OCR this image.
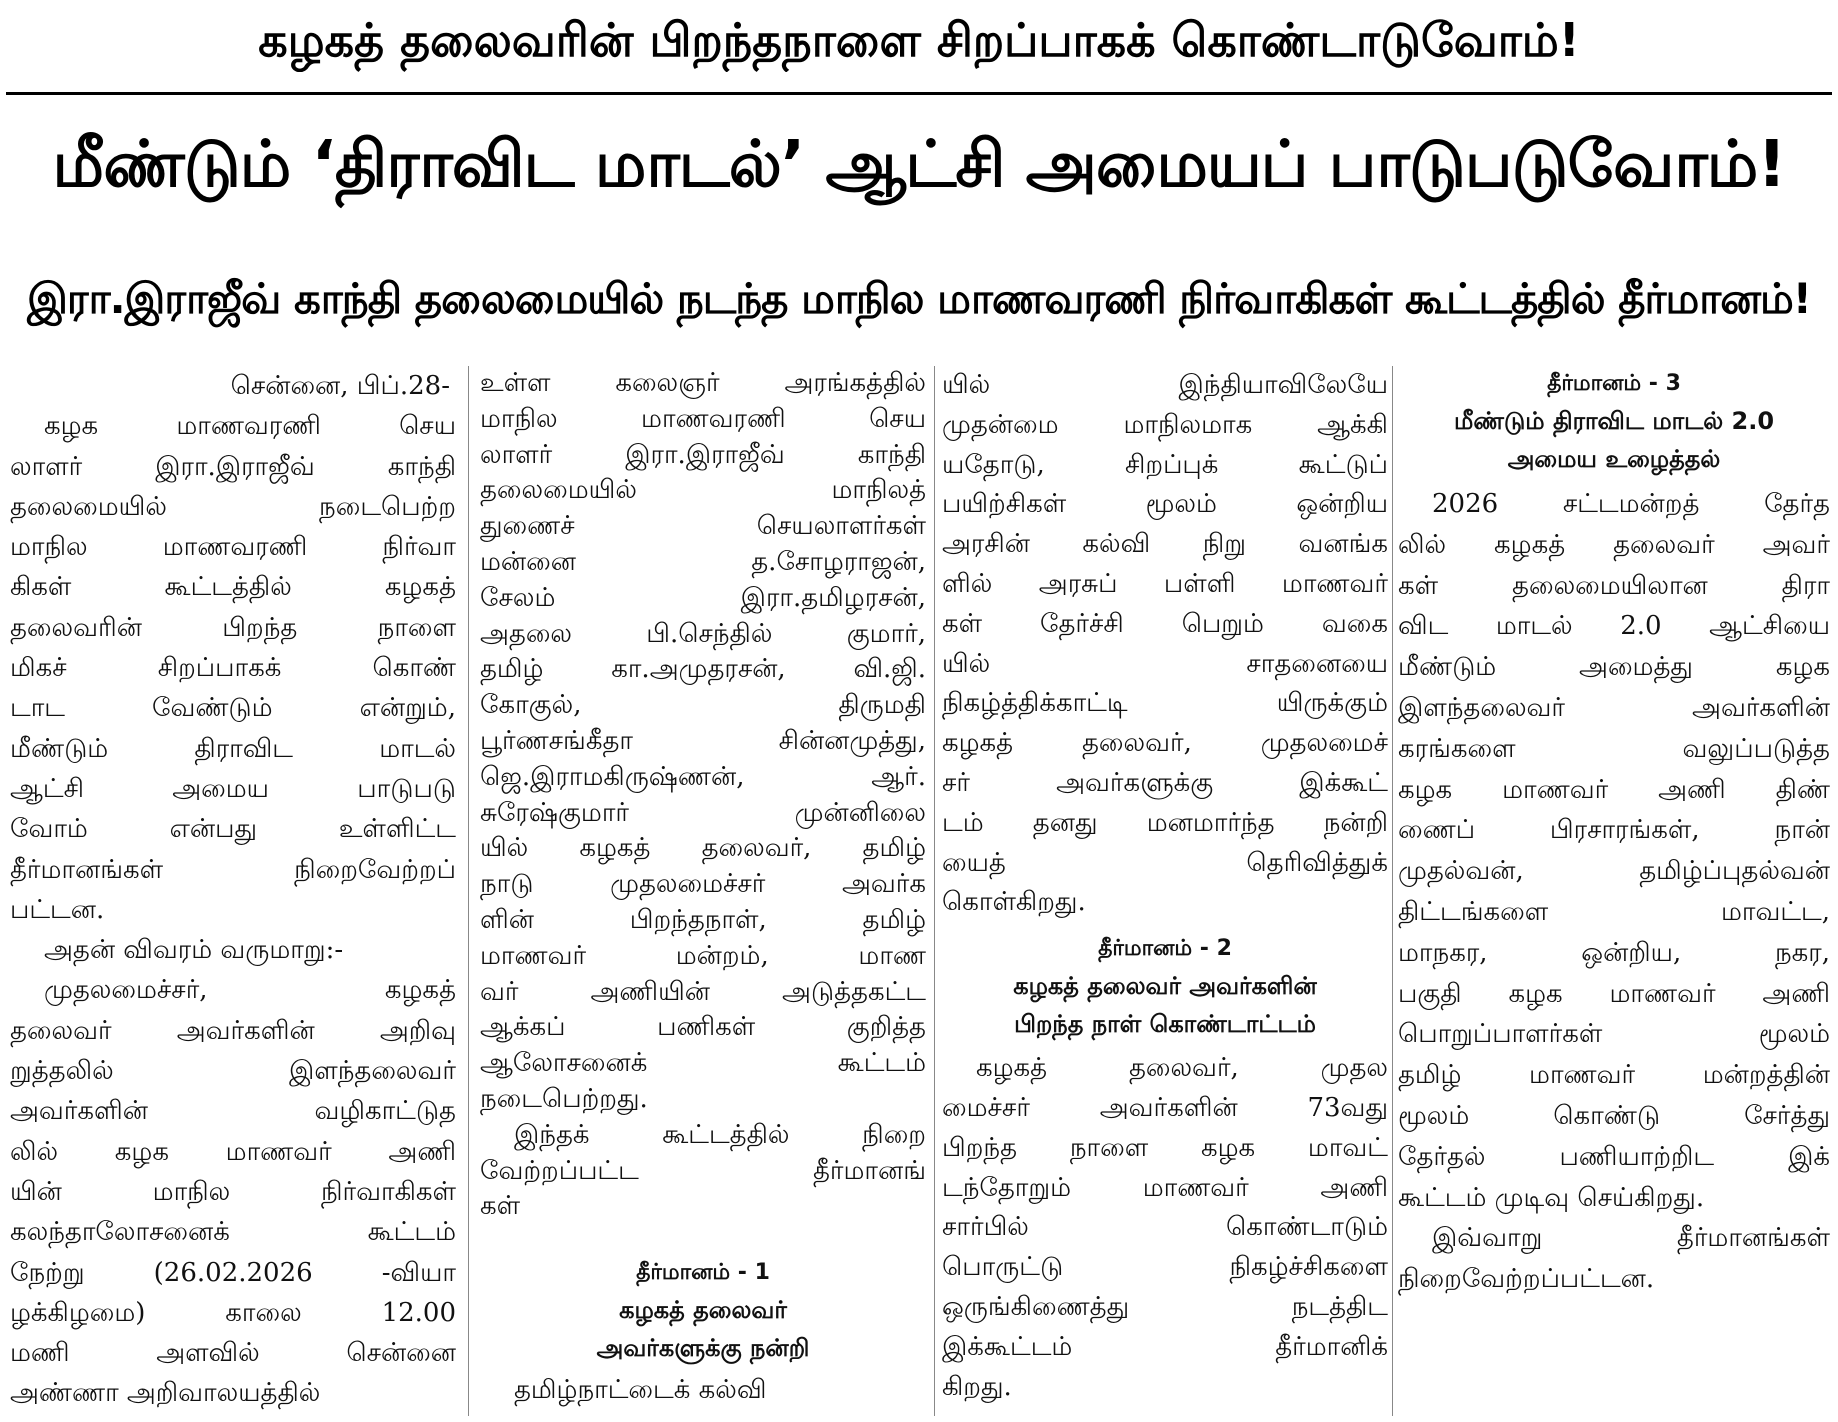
கழகத் தலைவரின் பிறந்தநாளை சிறப்பாகக் கொண்டாடுவோம்!
மீண்டும் ‘திராவிட மாடல்’ ஆட்சி அமையப் பாடுபடுவோம்!
இரா.இராஜீவ் காந்தி தலைமையில் நடந்த மாநில மாணவரணி நிர்வாகிகள் கூட்டத்தில் தீர்மானம்!

சென்னை, பிப்.28-

கழக மாணவரணி செய
லாளர் இரா.இராஜீவ் காந்தி
தலைமையில் நடைபெற்ற
மாநில மாணவரணி நிர்வா
கிகள் கூட்டத்தில் கழகத்
தலைவரின் பிறந்த நாளை
மிகச் சிறப்பாகக் கொண்
டாட வேண்டும் என்றும்,
மீண்டும் திராவிட மாடல்
ஆட்சி அமைய பாடுபடு
வோம் என்பது உள்ளிட்ட
தீர்மானங்கள் நிறைவேற்றப்
பட்டன.
அதன் விவரம் வருமாறு:-
முதலமைச்சர், கழகத்
தலைவர் அவர்களின் அறிவு
றுத்தலில் இளந்தலைவர்
அவர்களின் வழிகாட்டுத
லில் கழக மாணவர் அணி
யின் மாநில நிர்வாகிகள்
கலந்தாலோசனைக் கூட்டம்
நேற்று (26.02.2026 -வியா
ழக்கிழமை) காலை 12.00
மணி அளவில் சென்னை
அண்ணா அறிவாலயத்தில்
உள்ள கலைஞர் அரங்கத்தில்
மாநில மாணவரணி செய
லாளர் இரா.இராஜீவ் காந்தி
தலைமையில் மாநிலத்
துணைச் செயலாளர்கள்
மன்னை த.சோழராஜன்,
சேலம் இரா.தமிழரசன்,
அதலை பி.செந்தில் குமார்,
தமிழ் கா.அமுதரசன், வி.ஜி.
கோகுல், திருமதி
பூர்ணசங்கீதா சின்னமுத்து,
ஜெ.இராமகிருஷ்ணன், ஆர்.
சுரேஷ்குமார் முன்னிலை
யில் கழகத் தலைவர், தமிழ்
நாடு முதலமைச்சர் அவர்க
ளின் பிறந்தநாள், தமிழ்
மாணவர் மன்றம், மாண
வர் அணியின் அடுத்தகட்ட
ஆக்கப் பணிகள் குறித்த
ஆலோசனைக் கூட்டம்
நடைபெற்றது.
இந்தக் கூட்டத்தில் நிறை
வேற்றப்பட்ட தீர்மானங்
கள்
தீர்மானம் - 1
கழகத் தலைவர்
அவர்களுக்கு நன்றி
தமிழ்நாட்டைக் கல்வி
யில் இந்தியாவிலேயே
முதன்மை மாநிலமாக ஆக்கி
யதோடு, சிறப்புக் கூட்டுப்
பயிற்சிகள் மூலம் ஒன்றிய
அரசின் கல்வி நிறு வனங்க
ளில் அரசுப் பள்ளி மாணவர்
கள் தேர்ச்சி பெறும் வகை
யில் சாதனையை
நிகழ்த்திக்காட்டி யிருக்கும்
கழகத் தலைவர், முதலமைச்
சர் அவர்களுக்கு இக்கூட்
டம் தனது மனமார்ந்த நன்றி
யைத் தெரிவித்துக்
கொள்கிறது.
தீர்மானம் - 2
கழகத் தலைவர் அவர்களின்
பிறந்த நாள் கொண்டாட்டம்
கழகத் தலைவர், முதல
மைச்சர் அவர்களின் 73வது
பிறந்த நாளை கழக மாவட்
டந்தோறும் மாணவர் அணி
சார்பில் கொண்டாடும்
பொருட்டு நிகழ்ச்சிகளை
ஒருங்கிணைத்து நடத்திட
இக்கூட்டம் தீர்மானிக்
கிறது.
தீர்மானம் - 3
மீண்டும் திராவிட மாடல் 2.0
அமைய உழைத்தல்
2026 சட்டமன்றத் தேர்த
லில் கழகத் தலைவர் அவர்
கள் தலைமையிலான திரா
விட மாடல் 2.0 ஆட்சியை
மீண்டும் அமைத்து கழக
இளந்தலைவர் அவர்களின்
கரங்களை வலுப்படுத்த
கழக மாணவர் அணி திண்
ணைப் பிரசாரங்கள், நான்
முதல்வன், தமிழ்ப்புதல்வன்
திட்டங்களை மாவட்ட,
மாநகர, ஒன்றிய, நகர,
பகுதி கழக மாணவர் அணி
பொறுப்பாளர்கள் மூலம்
தமிழ் மாணவர் மன்றத்தின்
மூலம் கொண்டு சேர்த்து
தேர்தல் பணியாற்றிட இக்
கூட்டம் முடிவு செய்கிறது.
இவ்வாறு தீர்மானங்கள்
நிறைவேற்றப்பட்டன.
